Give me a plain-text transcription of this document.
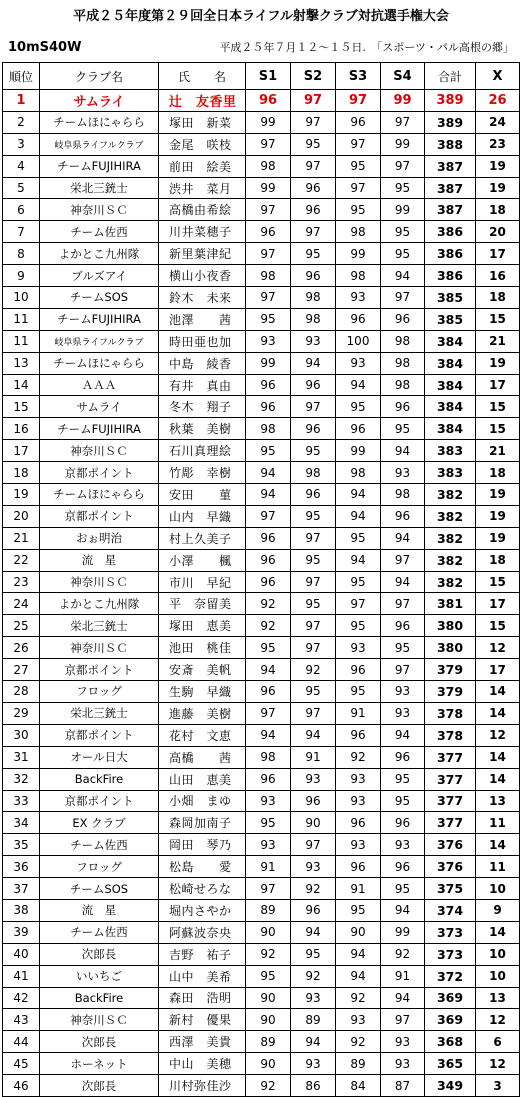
平成２５年度第２９回全日本ライフル射撃クラブ対抗選手権大会
10mS40W	平成２５年７月１２～１５日.　「スポーツ・パル高根の郷」
順位	クラブ名	氏　　名	S1	S2	S3	S4	合計	X
1	サムライ	辻　友香里	96	97	97	99	389	26
2	チームほにゃらら	塚田　新菜	99	97	96	97	389	24
3	岐阜県ライフルクラブ	金尾　咲枝	97	95	97	99	388	23
4	チームFUJIHIRA	前田　絵美	98	97	95	97	387	19
5	栄北三銃士	渋井　菜月	99	96	97	95	387	19
6	神奈川ＳＣ	高橋由希絵	97	96	95	99	387	18
7	チーム佐西	川井菜穂子	96	97	98	95	386	20
8	よかとこ九州隊	新里葉津紀	97	95	99	95	386	17
9	ブルズアイ	横山小夜香	98	96	98	94	386	16
10	チームSOS	鈴木　未来	97	98	93	97	385	18
11	チームFUJIHIRA	池澤　　茜	95	98	96	96	385	15
11	岐阜県ライフルクラブ	時田亜也加	93	93	100	98	384	21
13	チームほにゃらら	中島　綾香	99	94	93	98	384	19
14	ＡＡＡ	有井　真由	96	96	94	98	384	17
15	サムライ	冬木　翔子	96	97	95	96	384	15
16	チームFUJIHIRA	秋葉　美樹	98	96	96	95	384	15
17	神奈川ＳＣ	石川真理絵	95	95	99	94	383	21
18	京都ポイント	竹彫　幸樹	94	98	98	93	383	18
19	チームほにゃらら	安田　　菫	94	96	94	98	382	19
20	京都ポイント	山内　早織	97	95	94	96	382	19
21	おぉ明治	村上久美子	96	97	95	94	382	19
22	流　星	小澤　　楓	96	95	94	97	382	18
23	神奈川ＳＣ	市川　早紀	96	97	95	94	382	15
24	よかとこ九州隊	平　奈留美	92	95	97	97	381	17
25	栄北三銃士	塚田　恵美	92	97	95	96	380	15
26	神奈川ＳＣ	池田　桃佳	95	97	93	95	380	12
27	京都ポイント	安斎　美帆	94	92	96	97	379	17
28	フロッグ	生駒　早織	96	95	95	93	379	14
29	栄北三銃士	進藤　美樹	97	97	91	93	378	14
30	京都ポイント	花村　文恵	94	94	96	94	378	12
31	オール日大	高橋　　茜	98	91	92	96	377	14
32	BackFire	山田　恵美	96	93	93	95	377	14
33	京都ポイント	小畑　まゆ	93	96	93	95	377	13
34	EX クラブ	森岡加南子	95	90	96	96	377	11
35	チーム佐西	岡田　琴乃	93	97	93	93	376	14
36	フロッグ	松島　　愛	91	93	96	96	376	11
37	チームSOS	松崎せろな	97	92	91	95	375	10
38	流　星	堀内さやか	89	96	95	94	374	9
39	チーム佐西	阿蘇波奈央	90	94	90	99	373	14
40	次郎長	吉野　祐子	92	95	94	92	373	10
41	いいちご	山中　美希	95	92	94	91	372	10
42	BackFire	森田　浩明	90	93	92	94	369	13
43	神奈川ＳＣ	新村　優果	90	89	93	97	369	12
44	次郎長	西澤　美貴	89	94	92	93	368	6
45	ホーネット	中山　美穂	90	93	89	93	365	12
46	次郎長	川村弥佳沙	92	86	84	87	349	3
